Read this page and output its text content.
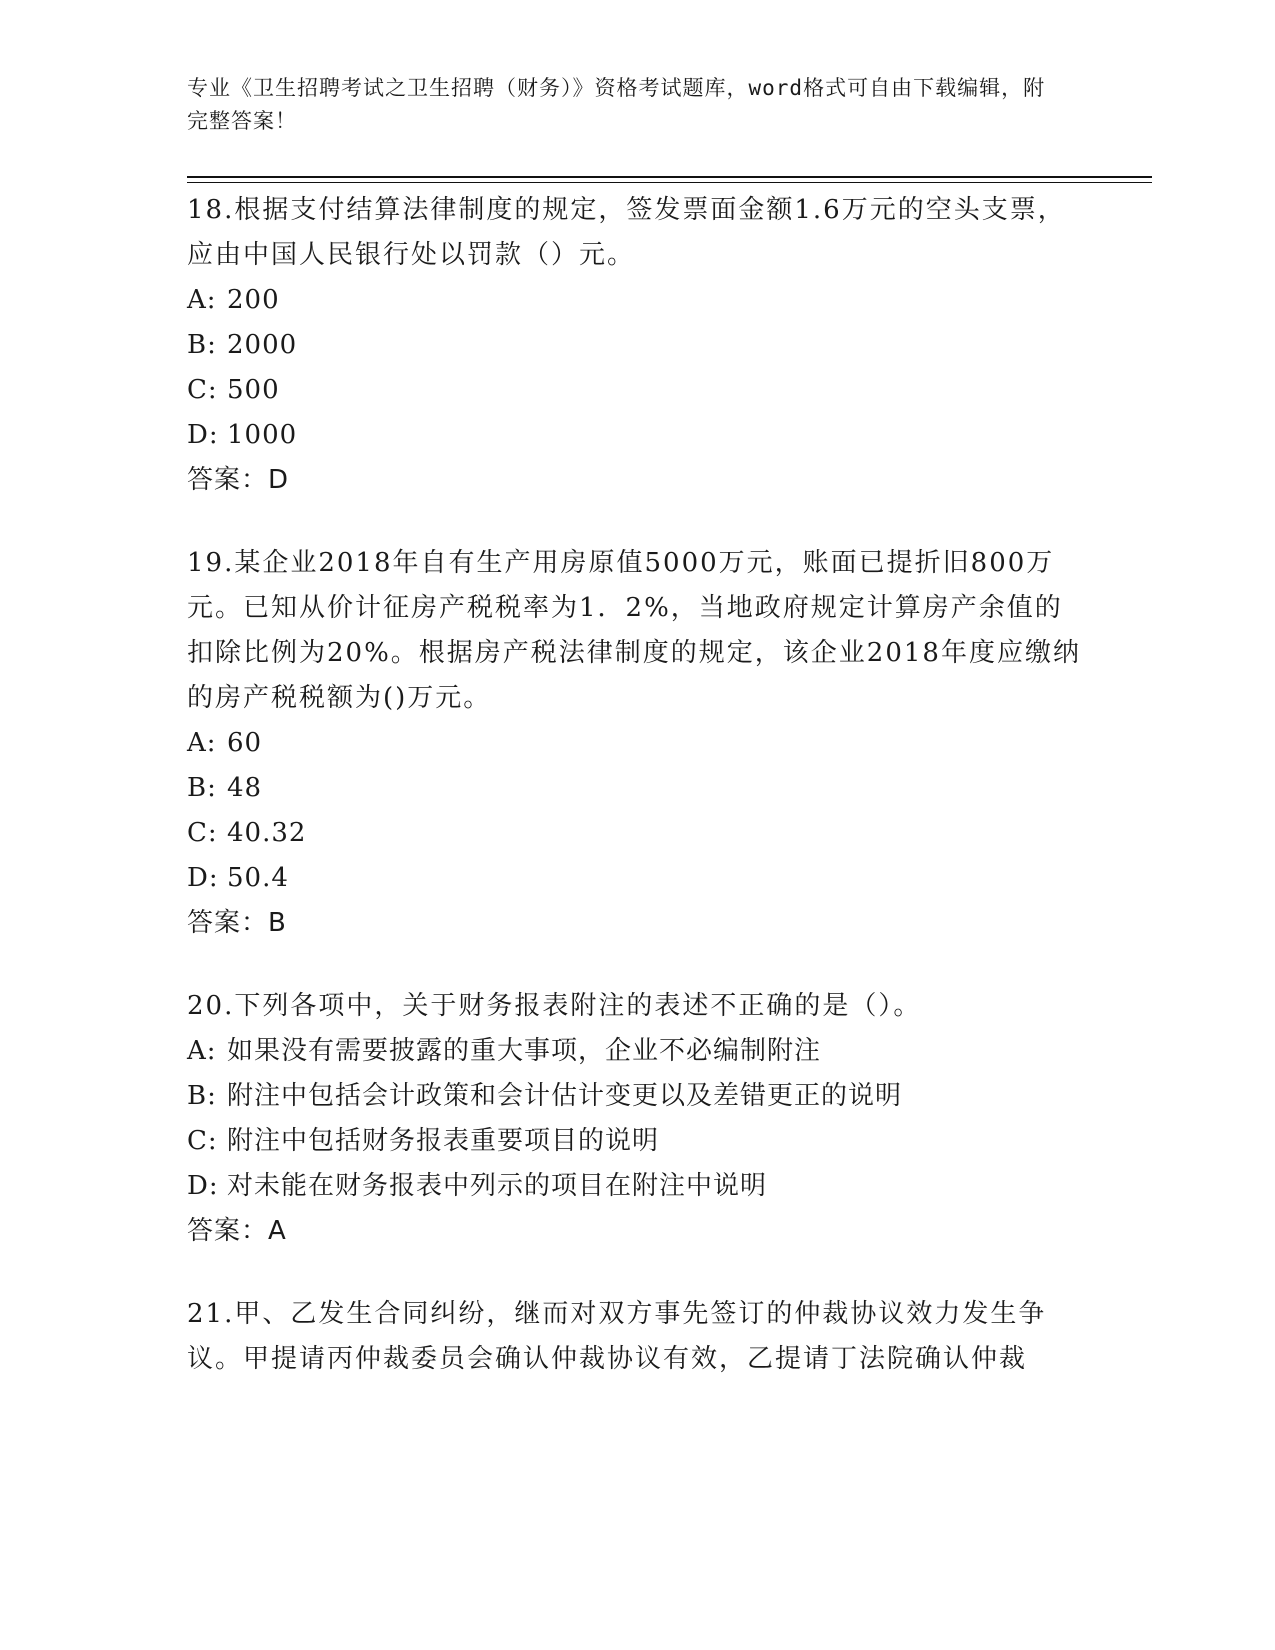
专业《卫生招聘考试之卫生招聘（财务）》资格考试题库，word格式可自由下载编辑，附完整答案！

18.根据支付结算法律制度的规定，签发票面金额1.6万元的空头支票，应由中国人民银行处以罚款（）元。

A: 200

B: 2000

C: 500

D: 1000

答案：D

19.某企业2018年自有生产用房原值5000万元，账面已提折旧800万元。已知从价计征房产税税率为1．2%，当地政府规定计算房产余值的扣除比例为20%。根据房产税法律制度的规定，该企业2018年度应缴纳的房产税税额为()万元。

A: 60

B: 48

C: 40.32

D: 50.4

答案：B

20.下列各项中，关于财务报表附注的表述不正确的是（）。

A: 如果没有需要披露的重大事项，企业不必编制附注

B: 附注中包括会计政策和会计估计变更以及差错更正的说明

C: 附注中包括财务报表重要项目的说明

D: 对未能在财务报表中列示的项目在附注中说明

答案：A

21.甲、乙发生合同纠纷，继而对双方事先签订的仲裁协议效力发生争议。甲提请丙仲裁委员会确认仲裁协议有效，乙提请丁法院确认仲裁
